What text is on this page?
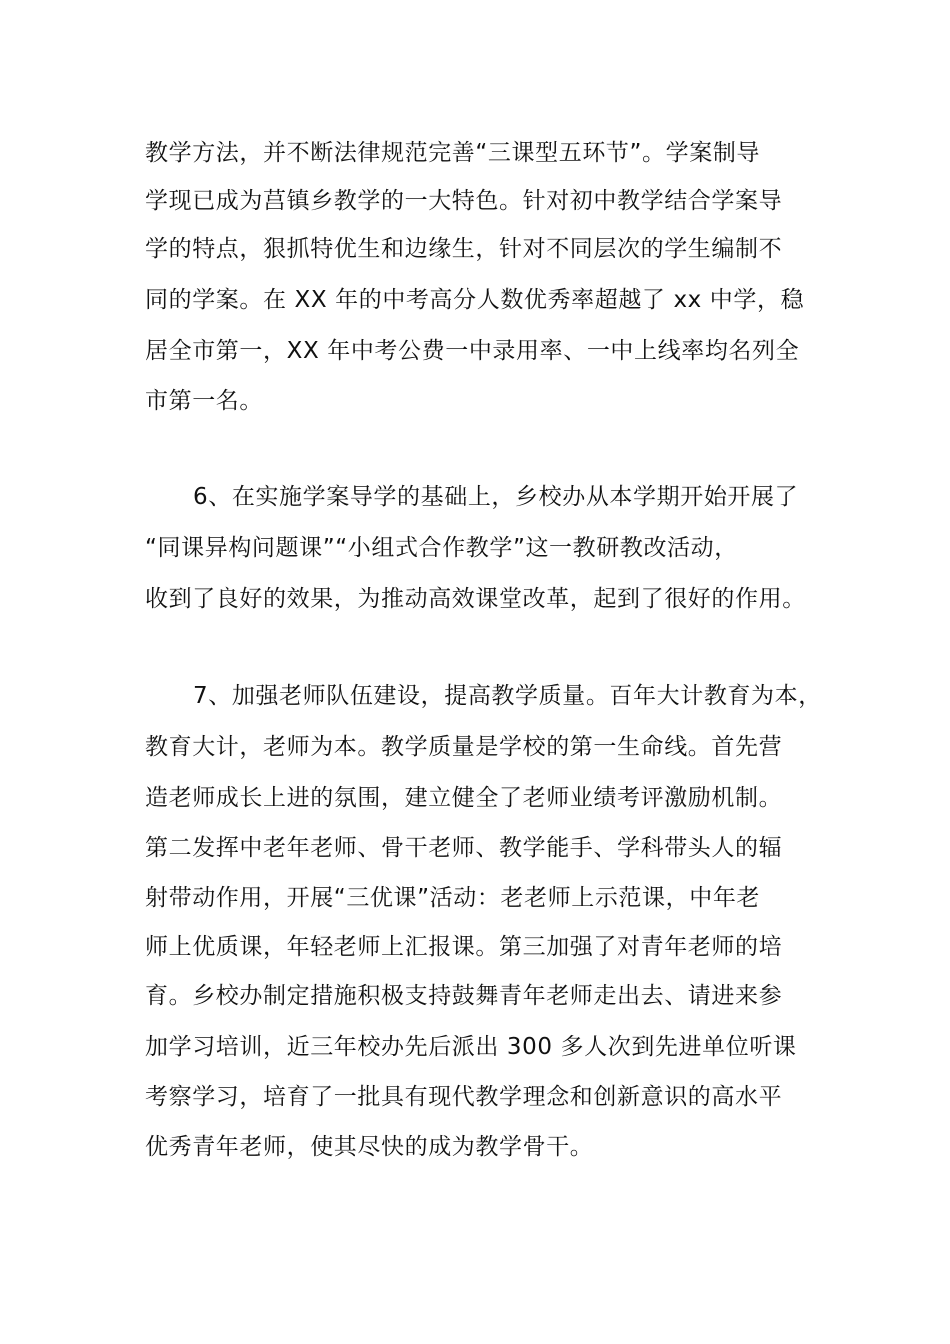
教学方法，并不断法律规范完善“三课型五环节”。学案制导

学现已成为莒镇乡教学的一大特色。针对初中教学结合学案导

学的特点，狠抓特优生和边缘生，针对不同层次的学生编制不

同的学案。在 XX 年的中考高分人数优秀率超越了 xx 中学，稳

居全市第一，XX 年中考公费一中录用率、一中上线率均名列全

市第一名。

6、在实施学案导学的基础上，乡校办从本学期开始开展了

“同课异构问题课”“小组式合作教学”这一教研教改活动，

收到了良好的效果，为推动高效课堂改革，起到了很好的作用。

7、加强老师队伍建设，提高教学质量。百年大计教育为本，

教育大计，老师为本。教学质量是学校的第一生命线。首先营

造老师成长上进的氛围，建立健全了老师业绩考评激励机制。

第二发挥中老年老师、骨干老师、教学能手、学科带头人的辐

射带动作用，开展“三优课”活动：老老师上示范课，中年老

师上优质课，年轻老师上汇报课。第三加强了对青年老师的培

育。乡校办制定措施积极支持鼓舞青年老师走出去、请进来参

加学习培训，近三年校办先后派出 300 多人次到先进单位听课

考察学习，培育了一批具有现代教学理念和创新意识的高水平

优秀青年老师，使其尽快的成为教学骨干。
